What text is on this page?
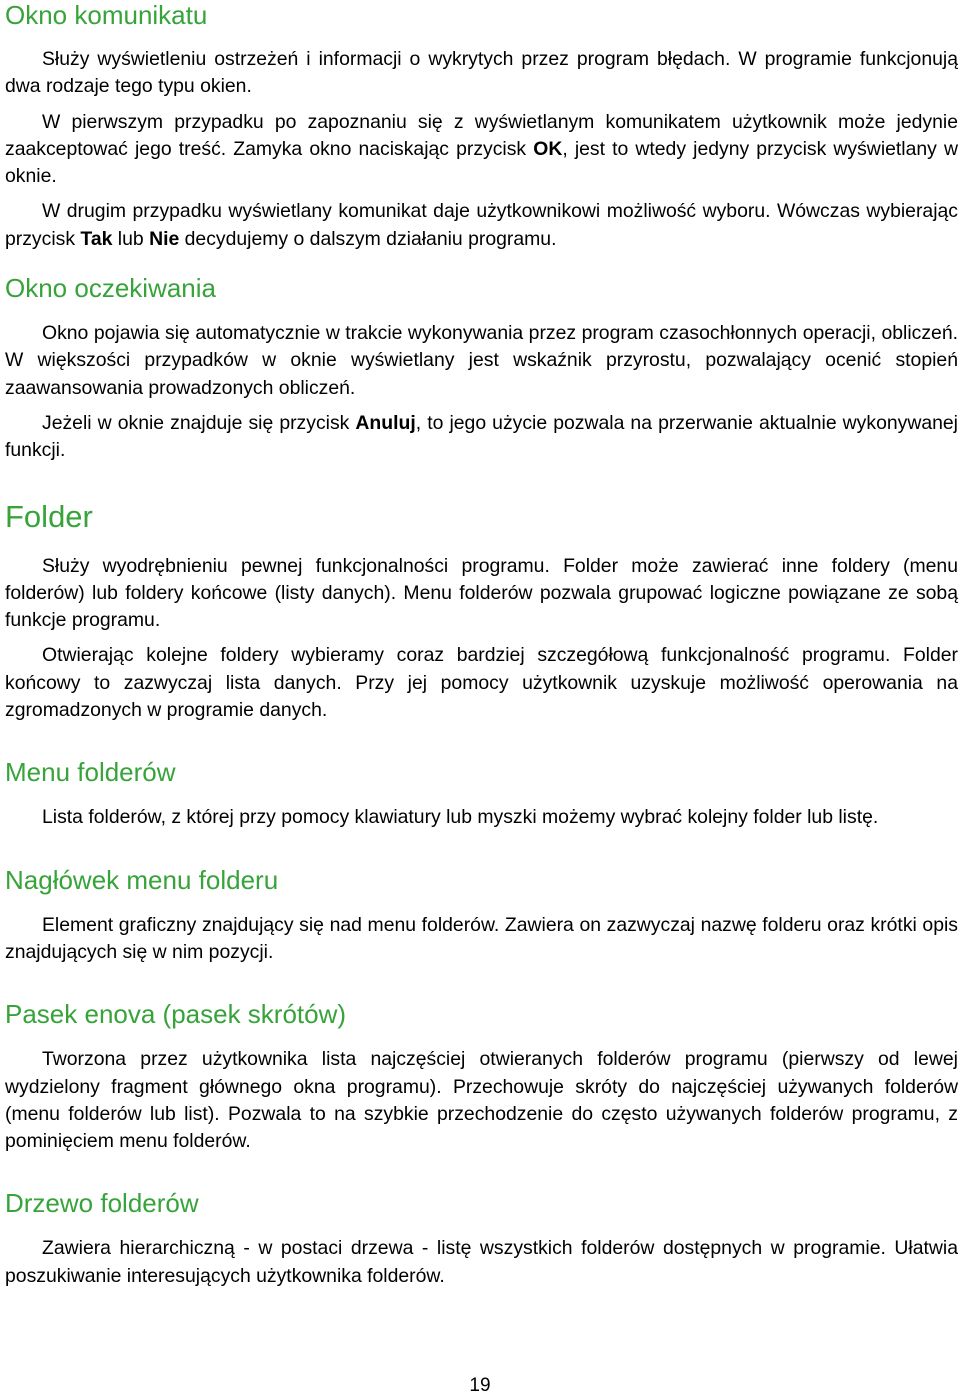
Okno komunikatu

Służy wyświetleniu ostrzeżeń i informacji o wykrytych przez program błędach. W programie funkcjonują dwa rodzaje tego typu okien.

W pierwszym przypadku po zapoznaniu się z wyświetlanym komunikatem użytkownik może jedynie zaakceptować jego treść. Zamyka okno naciskając przycisk OK, jest to wtedy jedyny przycisk wyświetlany w oknie.

W drugim przypadku wyświetlany komunikat daje użytkownikowi możliwość wyboru. Wówczas wybierając przycisk Tak lub Nie decydujemy o dalszym działaniu programu.

Okno oczekiwania

Okno pojawia się automatycznie w trakcie wykonywania przez program czasochłonnych operacji, obliczeń. W większości przypadków w oknie wyświetlany jest wskaźnik przyrostu, pozwalający ocenić stopień zaawansowania prowadzonych obliczeń.

Jeżeli w oknie znajduje się przycisk Anuluj, to jego użycie pozwala na przerwanie aktualnie wykonywanej funkcji.

Folder

Służy wyodrębnieniu pewnej funkcjonalności programu. Folder może zawierać inne foldery (menu folderów) lub foldery końcowe (listy danych). Menu folderów pozwala grupować logiczne powiązane ze sobą funkcje programu.

Otwierając kolejne foldery wybieramy coraz bardziej szczegółową funkcjonalność programu. Folder końcowy to zazwyczaj lista danych. Przy jej pomocy użytkownik uzyskuje możliwość operowania na zgromadzonych w programie danych.

Menu folderów

Lista folderów, z której przy pomocy klawiatury lub myszki możemy wybrać kolejny folder lub listę.

Nagłówek menu folderu

Element graficzny znajdujący się nad menu folderów. Zawiera on zazwyczaj nazwę folderu oraz krótki opis znajdujących się w nim pozycji.

Pasek enova (pasek skrótów)

Tworzona przez użytkownika lista najczęściej otwieranych folderów programu (pierwszy od lewej wydzielony fragment głównego okna programu). Przechowuje skróty do najczęściej używanych folderów (menu folderów lub list). Pozwala to na szybkie przechodzenie do często używanych folderów programu, z pominięciem menu folderów.

Drzewo folderów

Zawiera hierarchiczną - w postaci drzewa - listę wszystkich folderów dostępnych w programie. Ułatwia poszukiwanie interesujących użytkownika folderów.

19
